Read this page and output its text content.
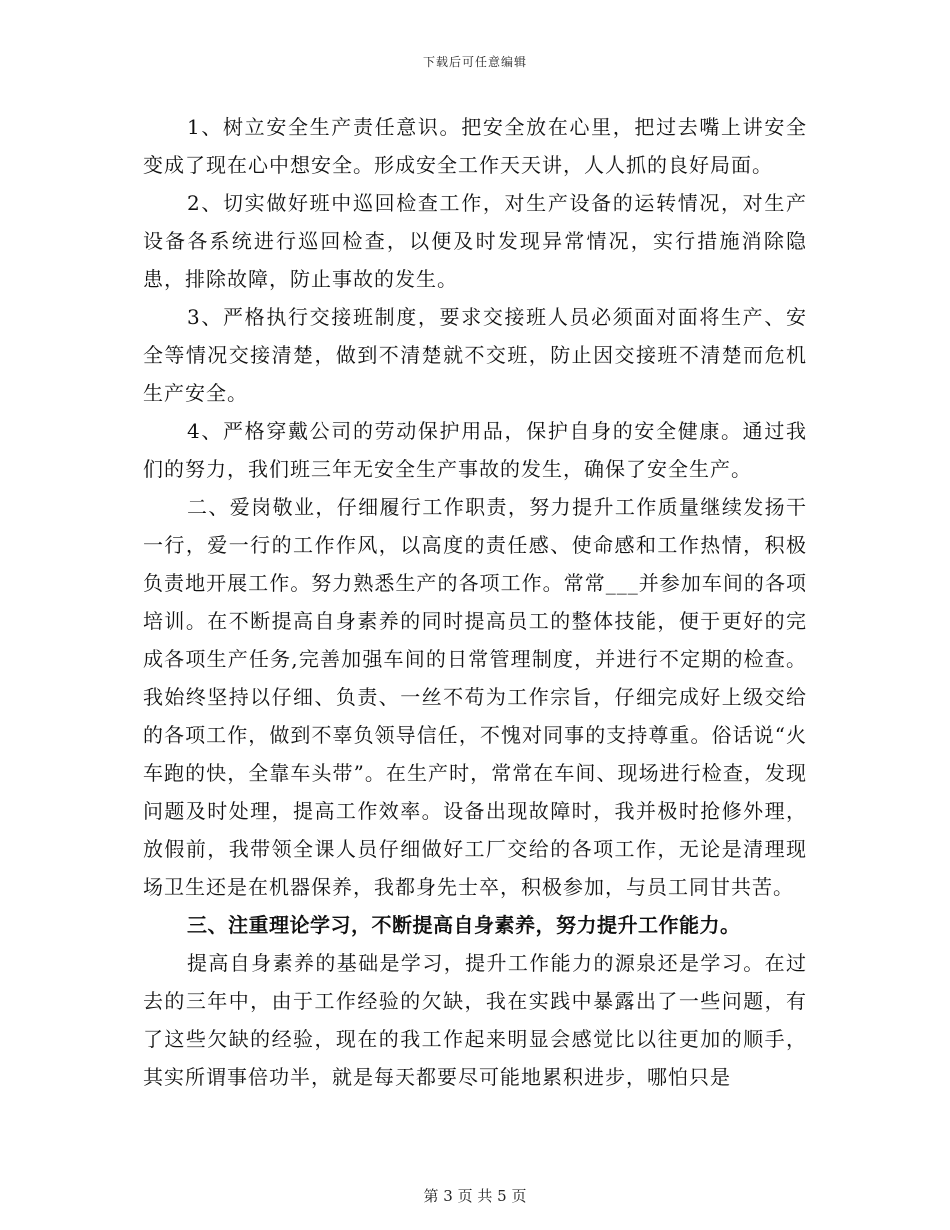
下载后可任意编辑

1、树立安全生产责任意识。把安全放在心里，把过去嘴上讲安全变成了现在心中想安全。形成安全工作天天讲，人人抓的良好局面。

2、切实做好班中巡回检查工作，对生产设备的运转情况，对生产设备各系统进行巡回检查，以便及时发现异常情况，实行措施消除隐患，排除故障，防止事故的发生。

3、严格执行交接班制度，要求交接班人员必须面对面将生产、安全等情况交接清楚，做到不清楚就不交班，防止因交接班不清楚而危机生产安全。

4、严格穿戴公司的劳动保护用品，保护自身的安全健康。通过我们的努力，我们班三年无安全生产事故的发生，确保了安全生产。

二、爱岗敬业，仔细履行工作职责，努力提升工作质量继续发扬干一行，爱一行的工作作风，以高度的责任感、使命感和工作热情，积极负责地开展工作。努力熟悉生产的各项工作。常常___并参加车间的各项培训。在不断提高自身素养的同时提高员工的整体技能，便于更好的完成各项生产任务,完善加强车间的日常管理制度，并进行不定期的检查。我始终坚持以仔细、负责、一丝不苟为工作宗旨，仔细完成好上级交给的各项工作，做到不辜负领导信任，不愧对同事的支持尊重。俗话说“火车跑的快，全靠车头带”。在生产时，常常在车间、现场进行检查，发现问题及时处理，提高工作效率。设备出现故障时，我并极时抢修外理，放假前，我带领全课人员仔细做好工厂交给的各项工作，无论是清理现场卫生还是在机器保养，我都身先士卒，积极参加，与员工同甘共苦。

三、注重理论学习，不断提高自身素养，努力提升工作能力。

提高自身素养的基础是学习，提升工作能力的源泉还是学习。在过去的三年中，由于工作经验的欠缺，我在实践中暴露出了一些问题，有了这些欠缺的经验，现在的我工作起来明显会感觉比以往更加的顺手，其实所谓事倍功半，就是每天都要尽可能地累积进步，哪怕只是

第 3 页 共 5 页
